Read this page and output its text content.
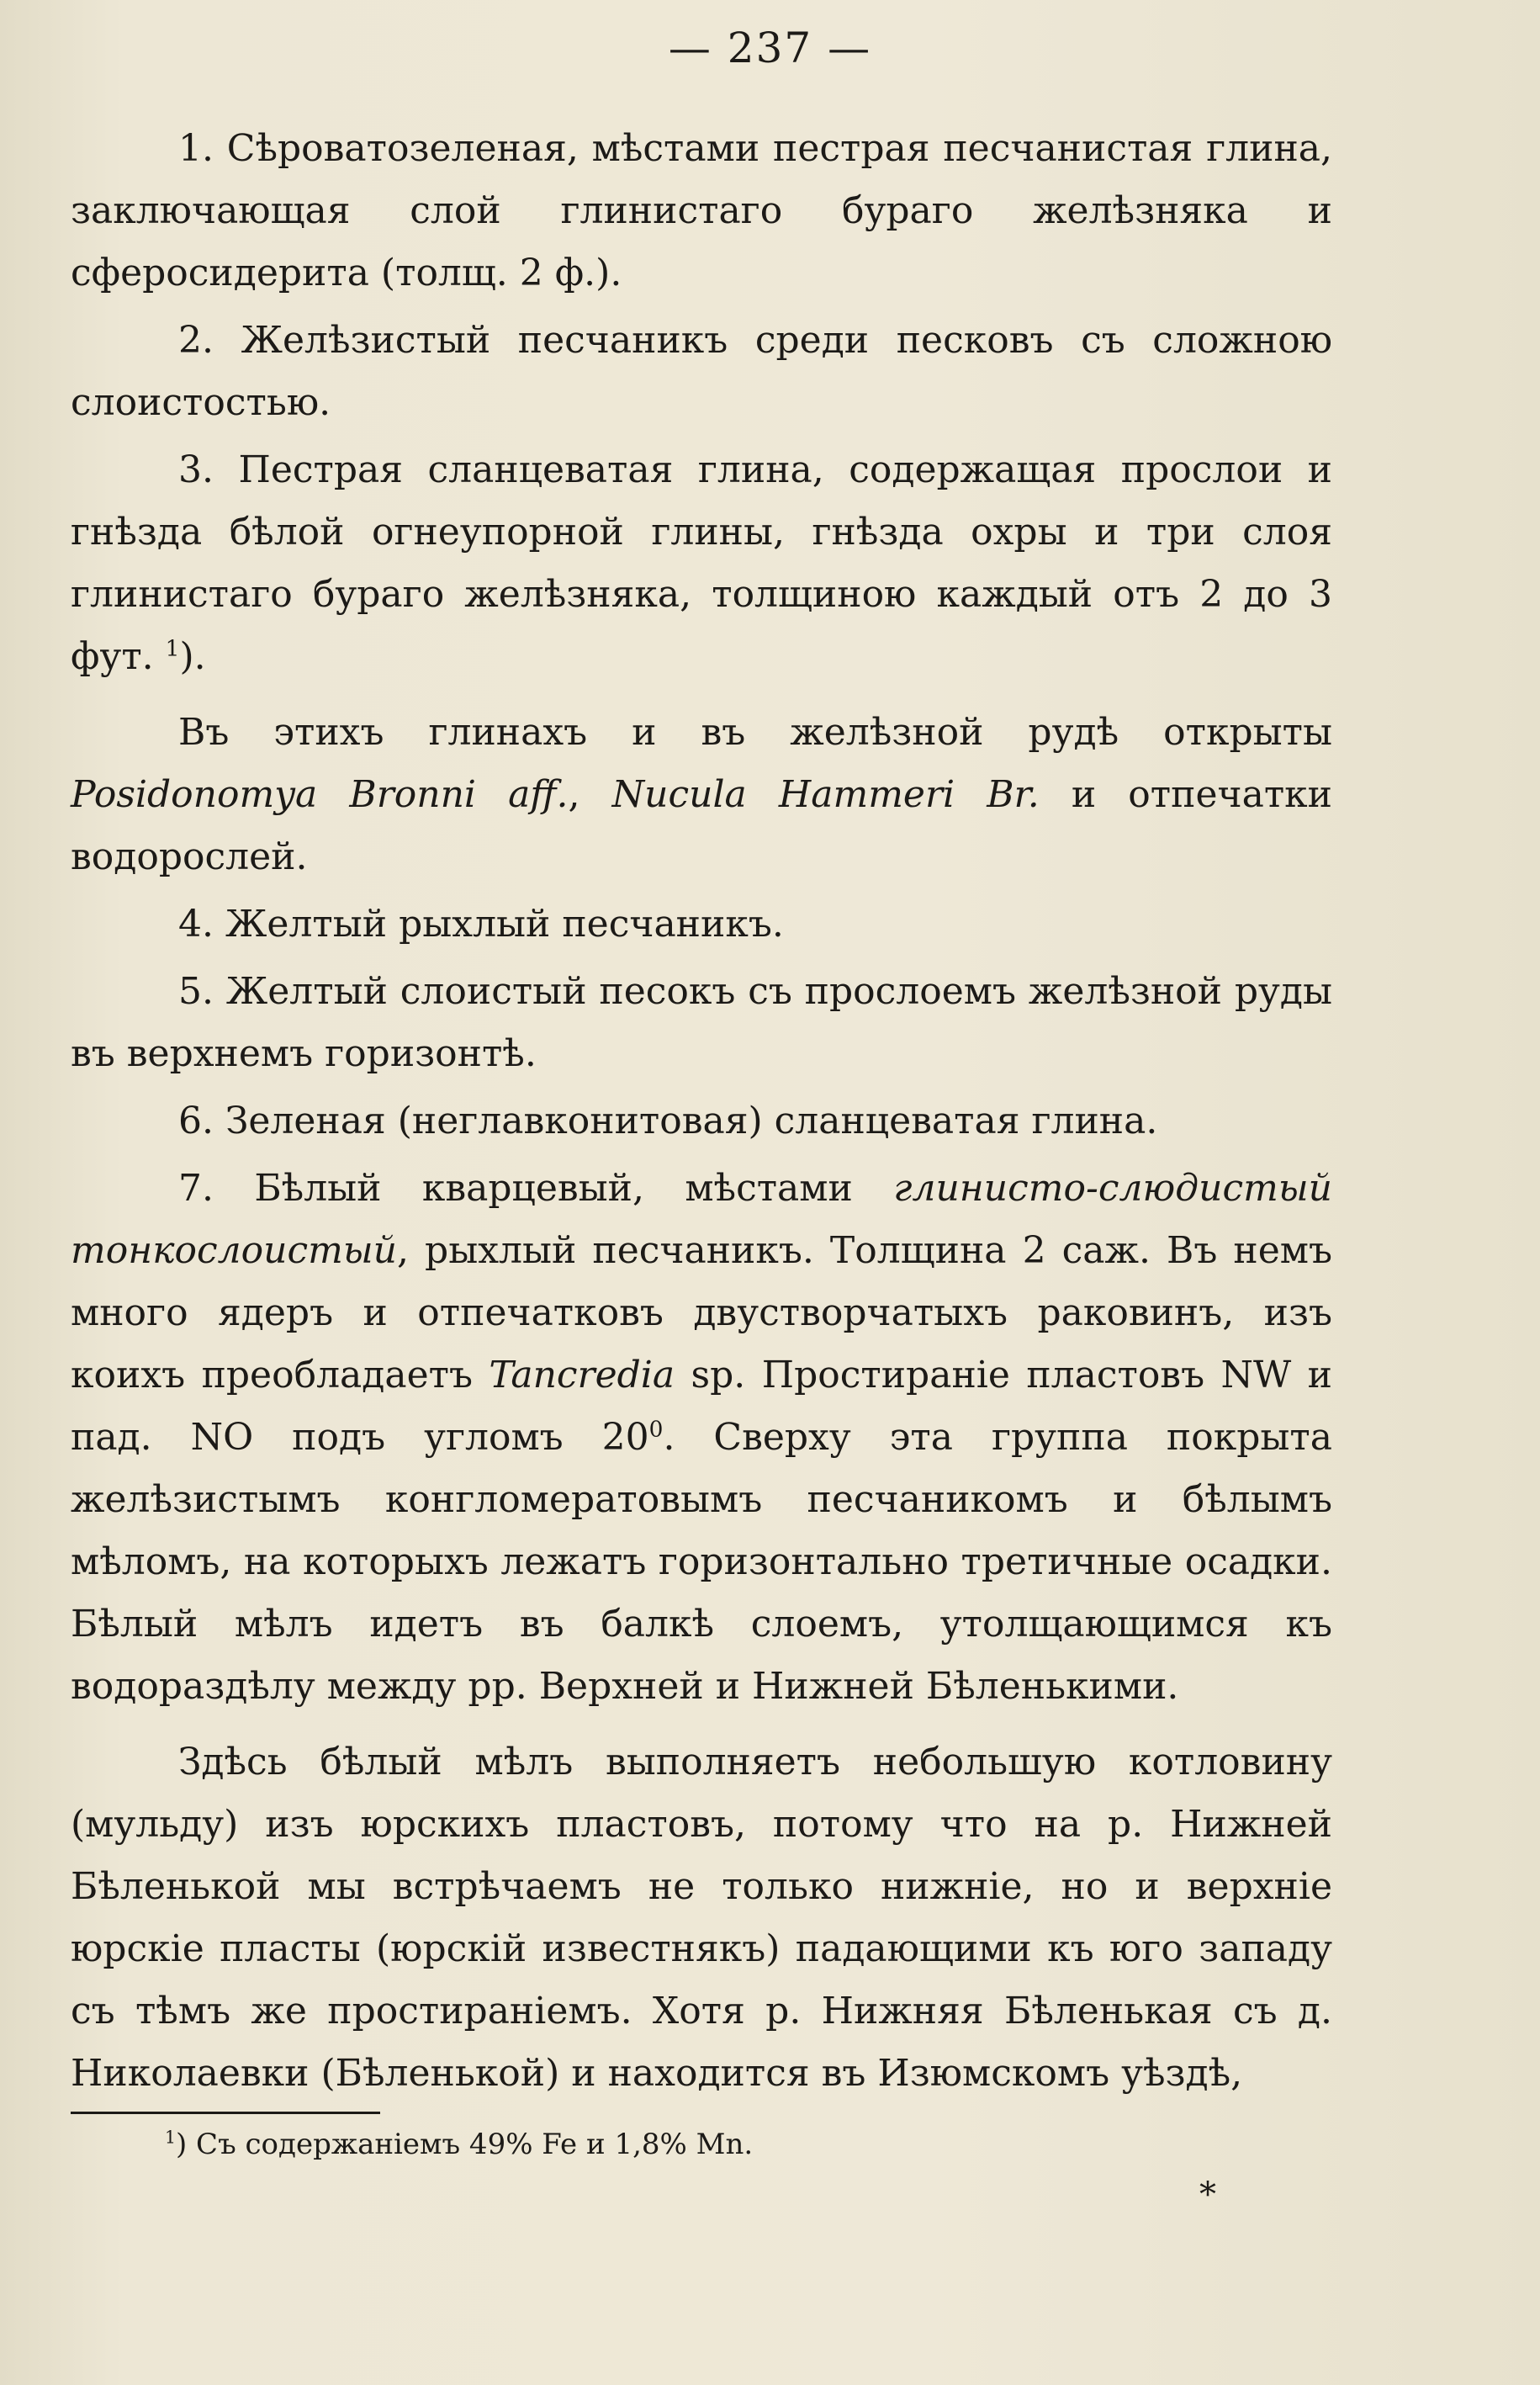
— 237 —

1. Сѣроватозеленая, мѣстами пестрая песчанистая глина, заключающая слой глинистаго бураго желѣзняка и сферосидерита (толщ. 2 ф.).

2. Желѣзистый песчаникъ среди песковъ съ сложною слоистостью.

3. Пестрая сланцеватая глина, содержащая прослои и гнѣзда бѣлой огнеупорной глины, гнѣзда охры и три слоя глинистаго бураго желѣзняка, толщиною каждый отъ 2 до 3 фут. $^1$).

Въ этихъ глинахъ и въ желѣзной рудѣ открыты Posidonomya Bronni aff., Nucula Hammeri Br. и отпечатки водорослей.

4. Желтый рыхлый песчаникъ.

5. Желтый слоистый песокъ съ прослоемъ желѣзной руды въ верхнемъ горизонтѣ.

6. Зеленая (неглавконитовая) сланцеватая глина.

7. Бѣлый кварцевый, мѣстами глинисто-слюдистый тонкослоистый, рыхлый песчаникъ. Толщина 2 саж. Въ немъ много ядеръ и отпечатковъ двустворчатыхъ раковинъ, изъ коихъ преобладаетъ Tancredia sp. Простираніе пластовъ NW и пад. NO подъ угломъ $20^0$. Сверху эта группа покрыта желѣзистымъ конгломератовымъ песчаникомъ и бѣлымъ мѣломъ, на которыхъ лежатъ горизонтально третичные осадки. Бѣлый мѣлъ идетъ въ балкѣ слоемъ, утолщающимся къ водораздѣлу между рр. Верхней и Нижней Бѣленькими.

Здѣсь бѣлый мѣлъ выполняетъ небольшую котловину (мульду) изъ юрскихъ пластовъ, потому что на р. Нижней Бѣленькой мы встрѣчаемъ не только нижніе, но и верхніе юрскіе пласты (юрскій известнякъ) падающими къ юго западу съ тѣмъ же простираніемъ. Хотя р. Нижняя Бѣленькая съ д. Николаевки (Бѣленькой) и находится въ Изюмскомъ уѣздѣ,

$^1$) Съ содержаніемъ 49% Fe и 1,8% Mn.
*
